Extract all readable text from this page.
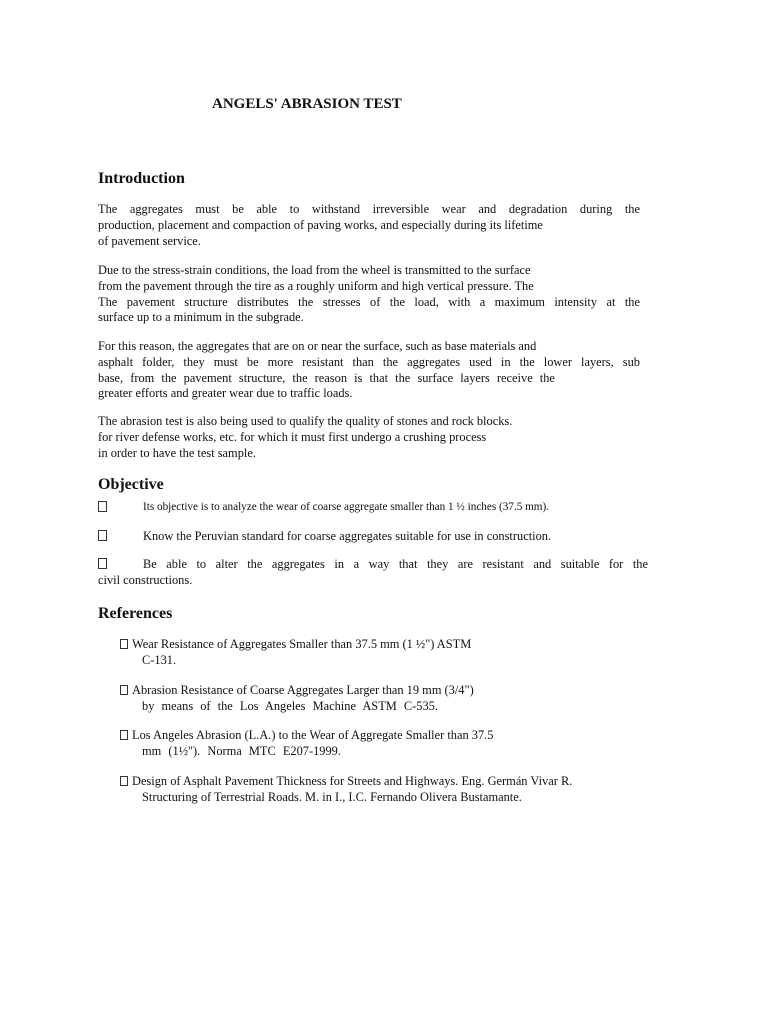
ANGELS' ABRASION TEST
Introduction

The aggregates must be able to withstand irreversible wear and degradation during the
production, placement and compaction of paving works, and especially during its lifetime
of pavement service.

Due to the stress-strain conditions, the load from the wheel is transmitted to the surface
from the pavement through the tire as a roughly uniform and high vertical pressure. The
The pavement structure distributes the stresses of the load, with a maximum intensity at the
surface up to a minimum in the subgrade.

For this reason, the aggregates that are on or near the surface, such as base materials and
asphalt folder, they must be more resistant than the aggregates used in the lower layers, sub
base, from the pavement structure, the reason is that the surface layers receive the
greater efforts and greater wear due to traffic loads.

The abrasion test is also being used to qualify the quality of stones and rock blocks.
for river defense works, etc. for which it must first undergo a crushing process
in order to have the test sample.

Objective
Its objective is to analyze the wear of coarse aggregate smaller than 1 ½ inches (37.5 mm).
Know the Peruvian standard for coarse aggregates suitable for use in construction.
Be able to alter the aggregates in a way that they are resistant and suitable for the
civil constructions.
References
Wear Resistance of Aggregates Smaller than 37.5 mm (1 ½") ASTM
C-131.
Abrasion Resistance of Coarse Aggregates Larger than 19 mm (3/4")
by means of the Los Angeles Machine ASTM C-535.
Los Angeles Abrasion (L.A.) to the Wear of Aggregate Smaller than 37.5
mm (1½"). Norma MTC E207-1999.
Design of Asphalt Pavement Thickness for Streets and Highways. Eng. Germán Vivar R.
Structuring of Terrestrial Roads. M. in I., I.C. Fernando Olivera Bustamante.
